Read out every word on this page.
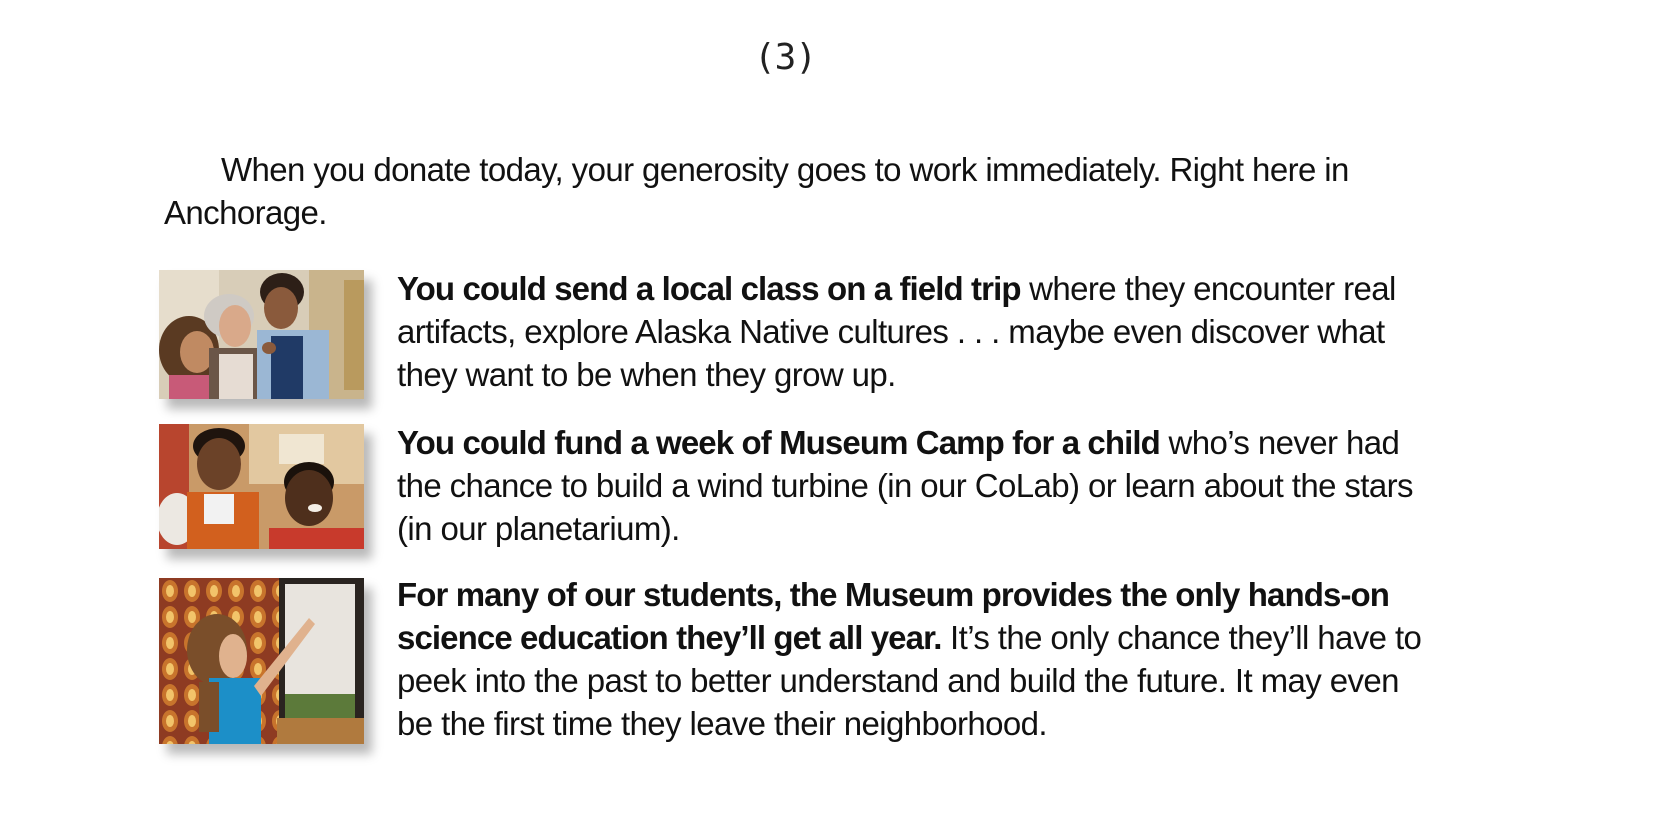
(3)

When you donate today, your generosity goes to work immediately. Right here in Anchorage.

You could send a local class on a field trip where they encounter real artifacts, explore Alaska Native cultures . . . maybe even discover what they want to be when they grow up.
You could fund a week of Museum Camp for a child who’s never had the chance to build a wind turbine (in our CoLab) or learn about the stars (in our planetarium).
For many of our students, the Museum provides the only hands-on science education they’ll get all year. It’s the only chance they’ll have to peek into the past to better understand and build the future. It may even be the first time they leave their neighborhood.
